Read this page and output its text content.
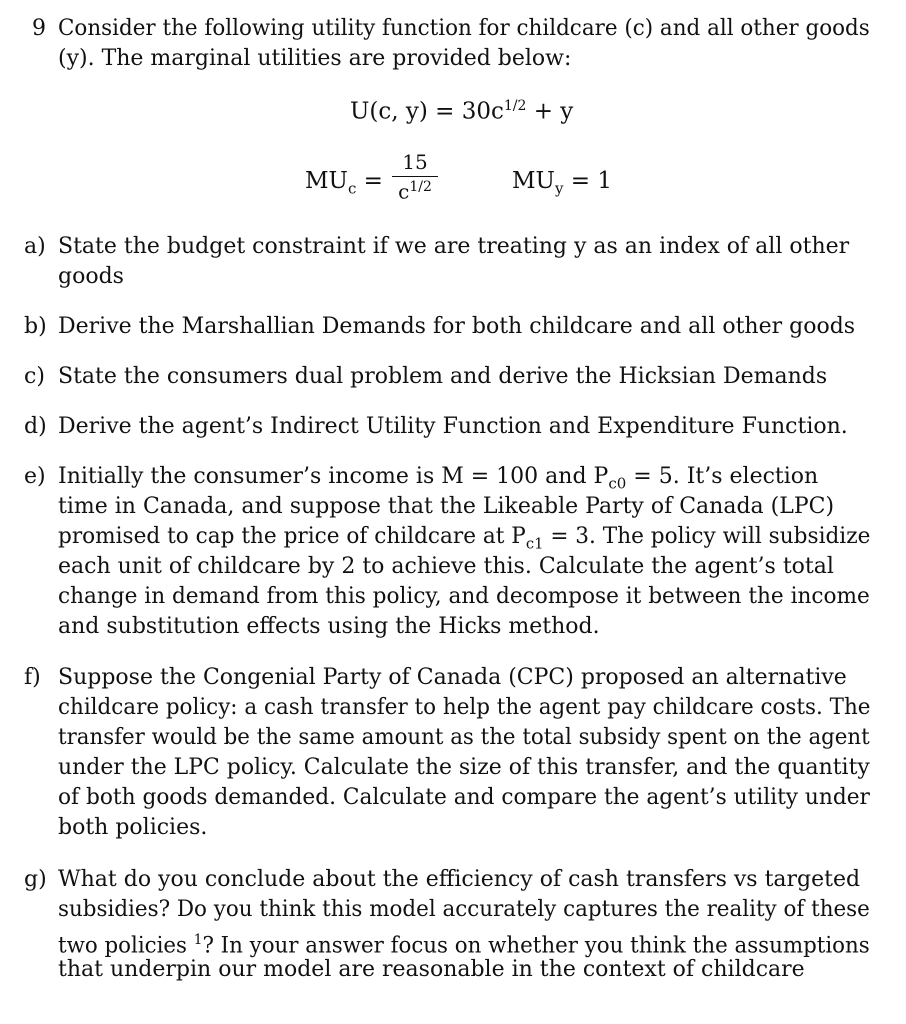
9 Consider the following utility function for childcare (c) and all other goods
(y). The marginal utilities are provided below:
U(c, $y) = 30c^{1/2} + y$
$MU_c$ =
15
$c^{1/2}$	$MU_y = 1$
a) State the budget constraint if we are treating y as an index of all other
goods
b) Derive the Marshallian Demands for both childcare and all other goods
c) State the consumers dual problem and derive the Hicksian Demands
d) Derive the agent’s Indirect Utility Function and Expenditure Function.
e) Initially the consumer’s income is M = 100 and $P_{c0} = 5$. It’s election
time in Canada, and suppose that the Likeable Party of Canada (LPC)
promised to cap the price of childcare at $P_{c1} = 3$. The policy will subsidize
each unit of childcare by 2 to achieve this. Calculate the agent’s total
change in demand from this policy, and decompose it between the income
and substitution effects using the Hicks method.
f) Suppose the Congenial Party of Canada (CPC) proposed an alternative
childcare policy: a cash transfer to help the agent pay childcare costs. The
transfer would be the same amount as the total subsidy spent on the agent
under the LPC policy. Calculate the size of this transfer, and the quantity
of both goods demanded. Calculate and compare the agent’s utility under
both policies.
g) What do you conclude about the efficiency of cash transfers vs targeted
subsidies? Do you think this model accurately captures the reality of these
two policies $^1$? In your answer focus on whether you think the assumptions
that underpin our model are reasonable in the context of childcare
